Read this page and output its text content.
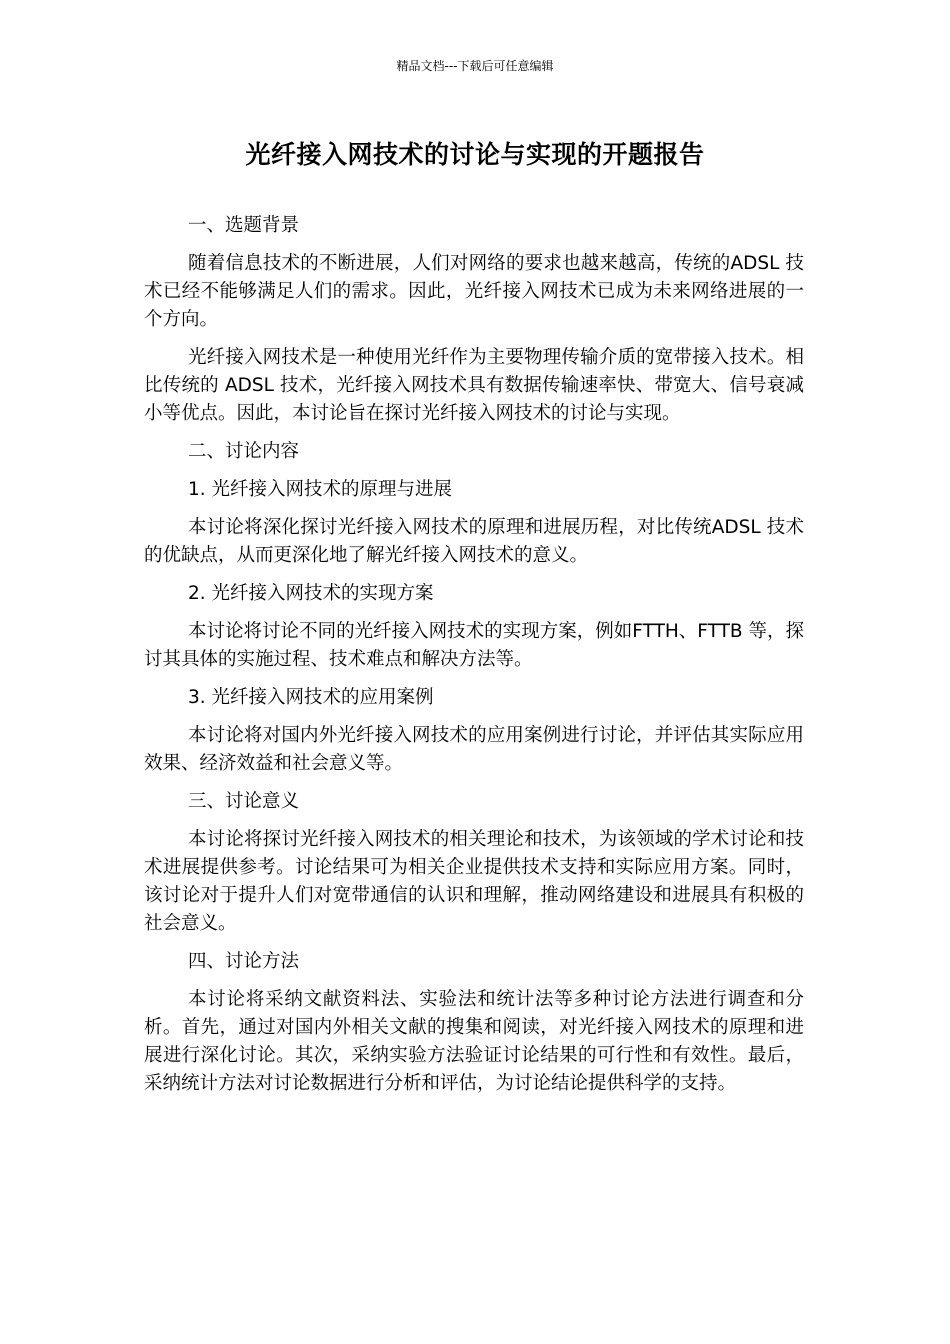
精品文档---下载后可任意编辑
光纤接入网技术的讨论与实现的开题报告
一、选题背景

随着信息技术的不断进展，人们对网络的要求也越来越高，传统的ADSL 技术已经不能够满足人们的需求。因此，光纤接入网技术已成为未来网络进展的一个方向。

光纤接入网技术是一种使用光纤作为主要物理传输介质的宽带接入技术。相比传统的 ADSL 技术，光纤接入网技术具有数据传输速率快、带宽大、信号衰减小等优点。因此，本讨论旨在探讨光纤接入网技术的讨论与实现。

二、讨论内容
1. 光纤接入网技术的原理与进展

本讨论将深化探讨光纤接入网技术的原理和进展历程，对比传统ADSL 技术的优缺点，从而更深化地了解光纤接入网技术的意义。

2. 光纤接入网技术的实现方案

本讨论将讨论不同的光纤接入网技术的实现方案，例如FTTH、FTTB 等，探讨其具体的实施过程、技术难点和解决方法等。

3. 光纤接入网技术的应用案例

本讨论将对国内外光纤接入网技术的应用案例进行讨论，并评估其实际应用效果、经济效益和社会意义等。

三、讨论意义

本讨论将探讨光纤接入网技术的相关理论和技术，为该领域的学术讨论和技术进展提供参考。讨论结果可为相关企业提供技术支持和实际应用方案。同时，该讨论对于提升人们对宽带通信的认识和理解，推动网络建设和进展具有积极的社会意义。

四、讨论方法

本讨论将采纳文献资料法、实验法和统计法等多种讨论方法进行调查和分析。首先，通过对国内外相关文献的搜集和阅读，对光纤接入网技术的原理和进展进行深化讨论。其次，采纳实验方法验证讨论结果的可行性和有效性。最后，采纳统计方法对讨论数据进行分析和评估，为讨论结论提供科学的支持。
